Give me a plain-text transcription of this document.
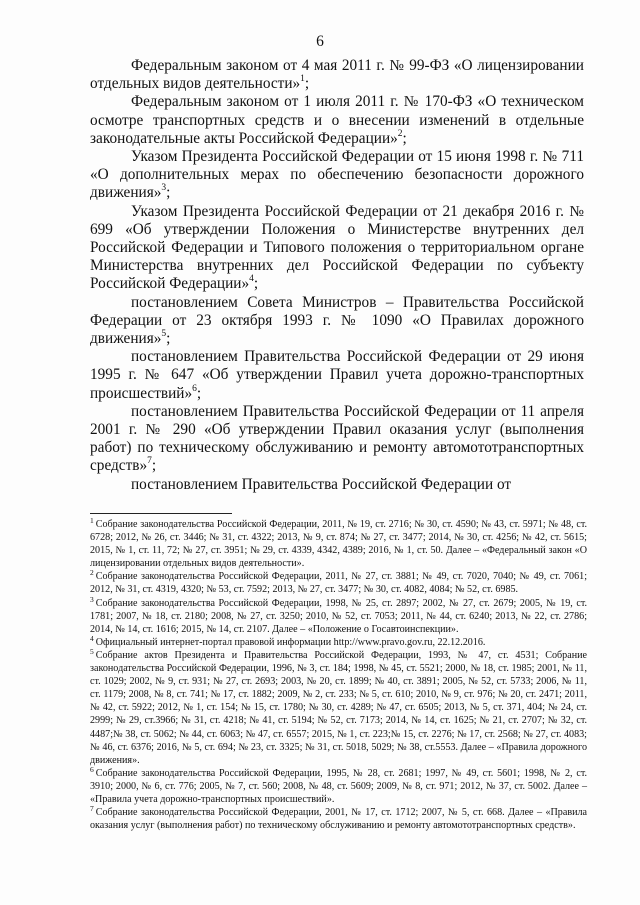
6

Федеральным законом от 4 мая 2011 г. № 99-ФЗ «О лицензировании отдельных видов деятельности»$^1$;

Федеральным законом от 1 июля 2011 г. № 170-ФЗ «О техническом осмотре транспортных средств и о внесении изменений в отдельные законодательные акты Российской Федерации»$^2$;

Указом Президента Российской Федерации от 15 июня 1998 г. № 711 «О дополнительных мерах по обеспечению безопасности дорожного движения»$^3$;

Указом Президента Российской Федерации от 21 декабря 2016 г. № 699 «Об утверждении Положения о Министерстве внутренних дел Российской Федерации и Типового положения о территориальном органе Министерства внутренних дел Российской Федерации по субъекту Российской Федерации»$^4$;

постановлением Совета Министров – Правительства Российской Федерации от 23 октября 1993 г. № 1090 «О Правилах дорожного движения»$^5$;

постановлением Правительства Российской Федерации от 29 июня 1995 г. № 647 «Об утверждении Правил учета дорожно-транспортных происшествий»$^6$;

постановлением Правительства Российской Федерации от 11 апреля 2001 г. № 290 «Об утверждении Правил оказания услуг (выполнения работ) по техническому обслуживанию и ремонту автомототранспортных средств»$^7$;

постановлением Правительства Российской Федерации от

$^1$ Собрание законодательства Российской Федерации, 2011, № 19, ст. 2716; № 30, ст. 4590; № 43, ст. 5971; № 48, ст. 6728; 2012, № 26, ст. 3446; № 31, ст. 4322; 2013, № 9, ст. 874; № 27, ст. 3477; 2014, № 30, ст. 4256; № 42, ст. 5615; 2015, № 1, ст. 11, 72; № 27, ст. 3951; № 29, ст. 4339, 4342, 4389; 2016, № 1, ст. 50. Далее – «Федеральный закон «О лицензировании отдельных видов деятельности».

$^2$ Собрание законодательства Российской Федерации, 2011, № 27, ст. 3881; № 49, ст. 7020, 7040; № 49, ст. 7061; 2012, № 31, ст. 4319, 4320; № 53, ст. 7592; 2013, № 27, ст. 3477; № 30, ст. 4082, 4084; № 52, ст. 6985.

$^3$ Собрание законодательства Российской Федерации, 1998, № 25, ст. 2897; 2002, № 27, ст. 2679; 2005, № 19, ст. 1781; 2007, № 18, ст. 2180; 2008, № 27, ст. 3250; 2010, № 52, ст. 7053; 2011, № 44, ст. 6240; 2013, № 22, ст. 2786; 2014, № 14, ст. 1616; 2015, № 14, ст. 2107. Далее – «Положение о Госавтоинспекции».

$^4$ Официальный интернет-портал правовой информации http://www.pravo.gov.ru, 22.12.2016.

$^5$ Собрание актов Президента и Правительства Российской Федерации, 1993, № 47, ст. 4531; Собрание законодательства Российской Федерации, 1996, № 3, ст. 184; 1998, № 45, ст. 5521; 2000, № 18, ст. 1985; 2001, № 11, ст. 1029; 2002, № 9, ст. 931; № 27, ст. 2693; 2003, № 20, ст. 1899; № 40, ст. 3891; 2005, № 52, ст. 5733; 2006, № 11, ст. 1179; 2008, № 8, ст. 741; № 17, ст. 1882; 2009, № 2, ст. 233; № 5, ст. 610; 2010, № 9, ст. 976; № 20, ст. 2471; 2011, № 42, ст. 5922; 2012, № 1, ст. 154; № 15, ст. 1780; № 30, ст. 4289; № 47, ст. 6505; 2013, № 5, ст. 371, 404; № 24, ст. 2999; № 29, ст.3966; № 31, ст. 4218; № 41, ст. 5194; № 52, ст. 7173; 2014, № 14, ст. 1625; № 21, ст. 2707; № 32, ст. 4487;№ 38, ст. 5062; № 44, ст. 6063; № 47, ст. 6557; 2015, № 1, ст. 223;№ 15, ст. 2276; № 17, ст. 2568; № 27, ст. 4083; № 46, ст. 6376; 2016, № 5, ст. 694; № 23, ст. 3325; № 31, ст. 5018, 5029; № 38, ст.5553. Далее – «Правила дорожного движения».

$^6$ Собрание законодательства Российской Федерации, 1995, № 28, ст. 2681; 1997, № 49, ст. 5601; 1998, № 2, ст. 3910; 2000, № 6, ст. 776; 2005, № 7, ст. 560; 2008, № 48, ст. 5609; 2009, № 8, ст. 971; 2012, № 37, ст. 5002. Далее – «Правила учета дорожно-транспортных происшествий».

$^7$ Собрание законодательства Российской Федерации, 2001, № 17, ст. 1712; 2007, № 5, ст. 668. Далее – «Правила оказания услуг (выполнения работ) по техническому обслуживанию и ремонту автомототранспортных средств».
